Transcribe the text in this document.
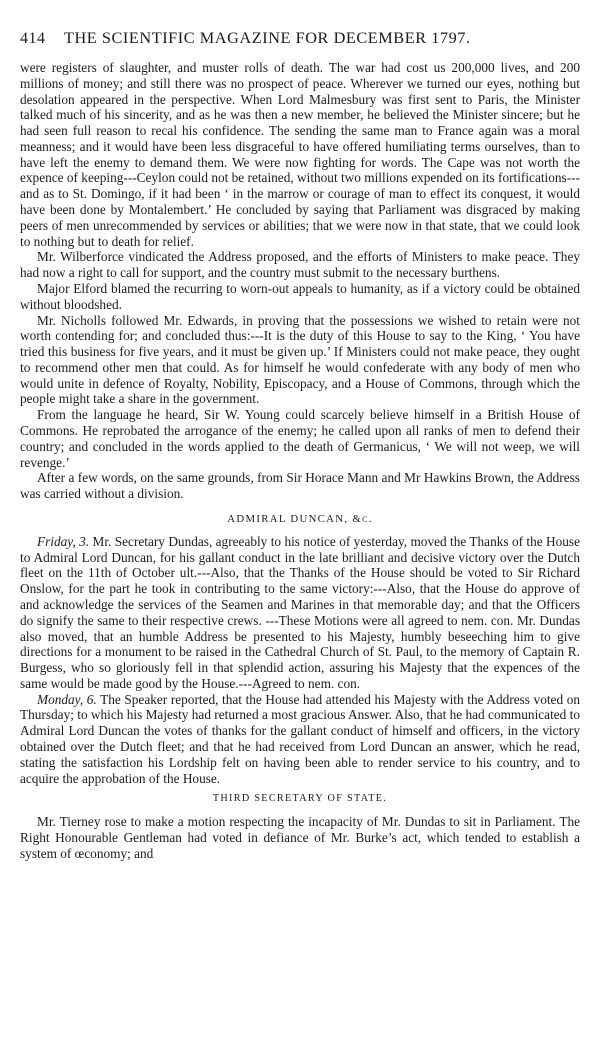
414	THE SCIENTIFIC MAGAZINE FOR DECEMBER 1797.

were registers of slaughter, and muster rolls of death. The war had cost us 200,000 lives, and 200 millions of money; and still there was no prospect of peace. Wherever we turned our eyes, nothing but desolation appeared in the perspective. When Lord Malmesbury was first sent to Paris, the Minister talked much of his sincerity, and as he was then a new member, he believed the Minister sincere; but he had seen full reason to recal his confidence. The sending the same man to France again was a moral meanness; and it would have been less disgraceful to have offered humiliating terms ourselves, than to have left the enemy to demand them. We were now fighting for words. The Cape was not worth the expence of keeping---Ceylon could not be retained, without two millions expended on its fortifications---and as to St. Domingo, if it had been ‘ in the marrow or courage of man to effect its conquest, it would have been done by Montalembert.’ He concluded by saying that Parliament was disgraced by making peers of men unrecommended by services or abilities; that we were now in that state, that we could look to nothing but to death for relief.

Mr. Wilberforce vindicated the Address proposed, and the efforts of Ministers to make peace. They had now a right to call for support, and the country must submit to the necessary burthens.

Major Elford blamed the recurring to worn-out appeals to humanity, as if a victory could be obtained without bloodshed.

Mr. Nicholls followed Mr. Edwards, in proving that the possessions we wished to retain were not worth contending for; and concluded thus:---It is the duty of this House to say to the King, ‘ You have tried this business for five years, and it must be given up.’ If Ministers could not make peace, they ought to recommend other men that could. As for himself he would confederate with any body of men who would unite in defence of Royalty, Nobility, Episcopacy, and a House of Commons, through which the people might take a share in the government.

From the language he heard, Sir W. Young could scarcely believe himself in a British House of Commons. He reprobated the arrogance of the enemy; he called upon all ranks of men to defend their country; and concluded in the words applied to the death of Germanicus, ‘ We will not weep, we will revenge.’

After a few words, on the same grounds, from Sir Horace Mann and Mr Hawkins Brown, the Address was carried without a division.

ADMIRAL DUNCAN, &c.

Friday, 3. Mr. Secretary Dundas, agreeably to his notice of yesterday, moved the Thanks of the House to Admiral Lord Duncan, for his gallant conduct in the late brilliant and decisive victory over the Dutch fleet on the 11th of October ult.---Also, that the Thanks of the House should be voted to Sir Richard Onslow, for the part he took in contributing to the same victory:---Also, that the House do approve of and acknowledge the services of the Seamen and Marines in that memorable day; and that the Officers do signify the same to their respective crews. ---These Motions were all agreed to nem. con. Mr. Dundas also moved, that an humble Address be presented to his Majesty, humbly beseeching him to give directions for a monument to be raised in the Cathedral Church of St. Paul, to the memory of Captain R. Burgess, who so gloriously fell in that splendid action, assuring his Majesty that the expences of the same would be made good by the House.---Agreed to nem. con.

Monday, 6. The Speaker reported, that the House had attended his Majesty with the Address voted on Thursday; to which his Majesty had returned a most gracious Answer. Also, that he had communicated to Admiral Lord Duncan the votes of thanks for the gallant conduct of himself and officers, in the victory obtained over the Dutch fleet; and that he had received from Lord Duncan an answer, which he read, stating the satisfaction his Lordship felt on having been able to render service to his country, and to acquire the approbation of the House.

THIRD SECRETARY OF STATE.

Mr. Tierney rose to make a motion respecting the incapacity of Mr. Dundas to sit in Parliament. The Right Honourable Gentleman had voted in defiance of Mr. Burke’s act, which tended to establish a system of œconomy; and
